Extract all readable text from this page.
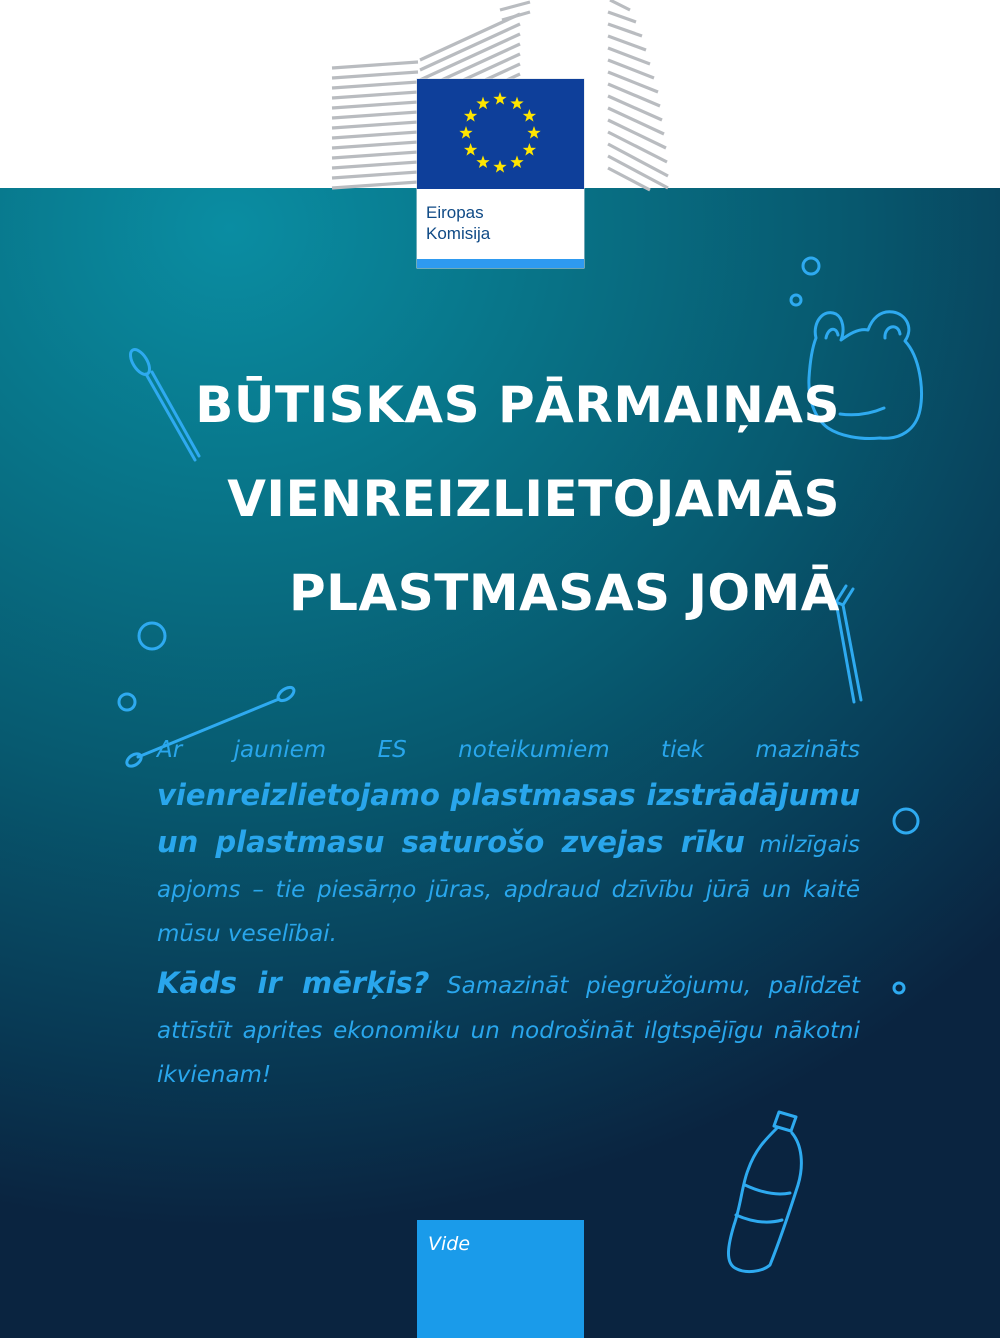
Eiropas
Komisija
BŪTISKAS PĀRMAIŅAS
VIENREIZLIETOJAMĀS
PLASTMASAS JOMĀ

Ar jauniem ES noteikumiem tiek mazināts vienreizlietojamo plastmasas izstrādājumu un plastmasu saturošo zvejas rīku milzīgais apjoms – tie piesārņo jūras, apdraud dzīvību jūrā un kaitē mūsu veselībai.

Kāds ir mērķis? Samazināt piegružojumu, palīdzēt attīstīt aprites ekonomiku un nodrošināt ilgtspējīgu nākotni ikvienam!

Vide
